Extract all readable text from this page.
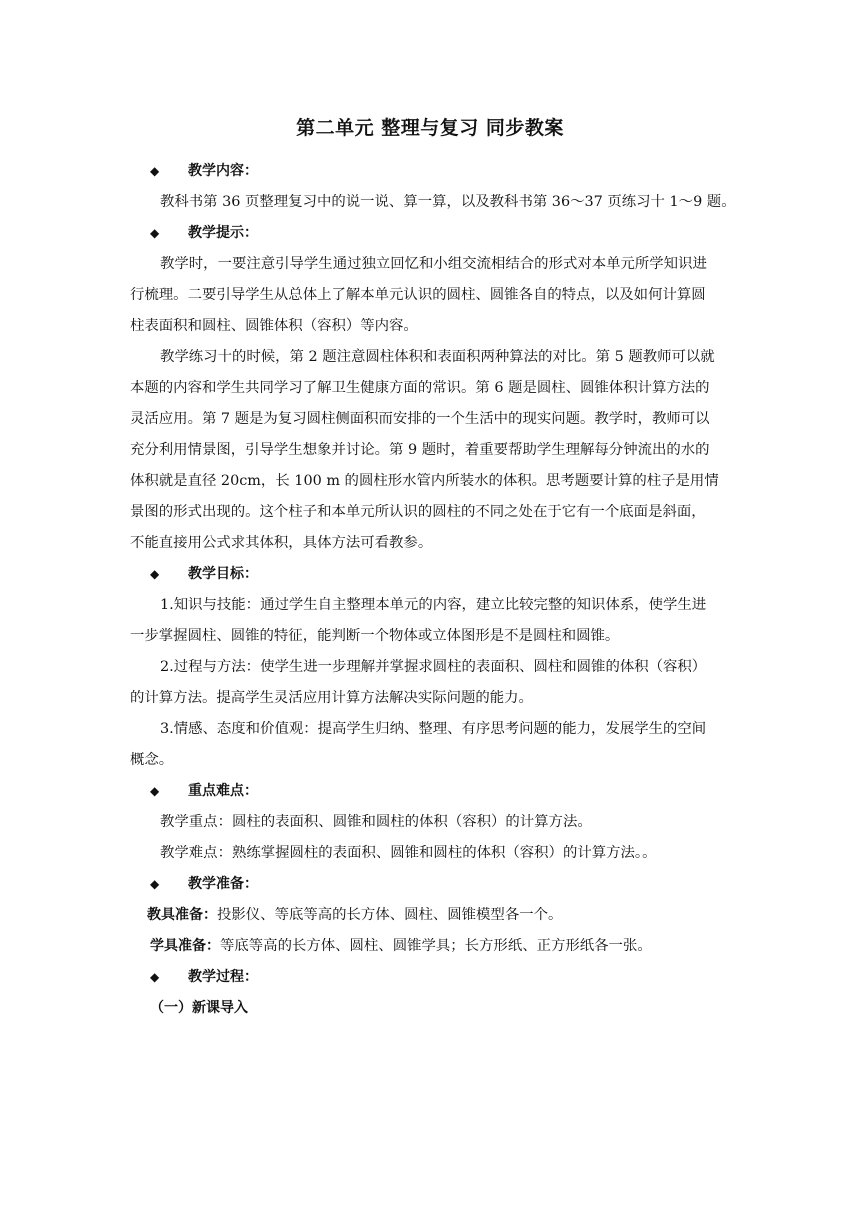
第二单元 整理与复习 同步教案
◆ 教学内容：
教科书第 36 页整理复习中的说一说、算一算，以及教科书第 36～37 页练习十 1～9 题。
◆ 教学提示：
教学时，一要注意引导学生通过独立回忆和小组交流相结合的形式对本单元所学知识进
行梳理。二要引导学生从总体上了解本单元认识的圆柱、圆锥各自的特点，以及如何计算圆
柱表面积和圆柱、圆锥体积（容积）等内容。
教学练习十的时候，第 2 题注意圆柱体积和表面积两种算法的对比。第 5 题教师可以就
本题的内容和学生共同学习了解卫生健康方面的常识。第 6 题是圆柱、圆锥体积计算方法的
灵活应用。第 7 题是为复习圆柱侧面积而安排的一个生活中的现实问题。教学时，教师可以
充分利用情景图，引导学生想象并讨论。第 9 题时，着重要帮助学生理解每分钟流出的水的
体积就是直径 20cm，长 100 m 的圆柱形水管内所装水的体积。思考题要计算的柱子是用情
景图的形式出现的。这个柱子和本单元所认识的圆柱的不同之处在于它有一个底面是斜面，
不能直接用公式求其体积，具体方法可看教参。
◆ 教学目标：
1.知识与技能：通过学生自主整理本单元的内容，建立比较完整的知识体系，使学生进
一步掌握圆柱、圆锥的特征，能判断一个物体或立体图形是不是圆柱和圆锥。
2.过程与方法：使学生进一步理解并掌握求圆柱的表面积、圆柱和圆锥的体积（容积）
的计算方法。提高学生灵活应用计算方法解决实际问题的能力。
3.情感、态度和价值观：提高学生归纳、整理、有序思考问题的能力，发展学生的空间
概念。
◆ 重点难点：
教学重点：圆柱的表面积、圆锥和圆柱的体积（容积）的计算方法。
教学难点：熟练掌握圆柱的表面积、圆锥和圆柱的体积（容积）的计算方法。。
◆ 教学准备：
教具准备：投影仪、等底等高的长方体、圆柱、圆锥模型各一个。
学具准备：等底等高的长方体、圆柱、圆锥学具；长方形纸、正方形纸各一张。
◆ 教学过程：
（一）新课导入
